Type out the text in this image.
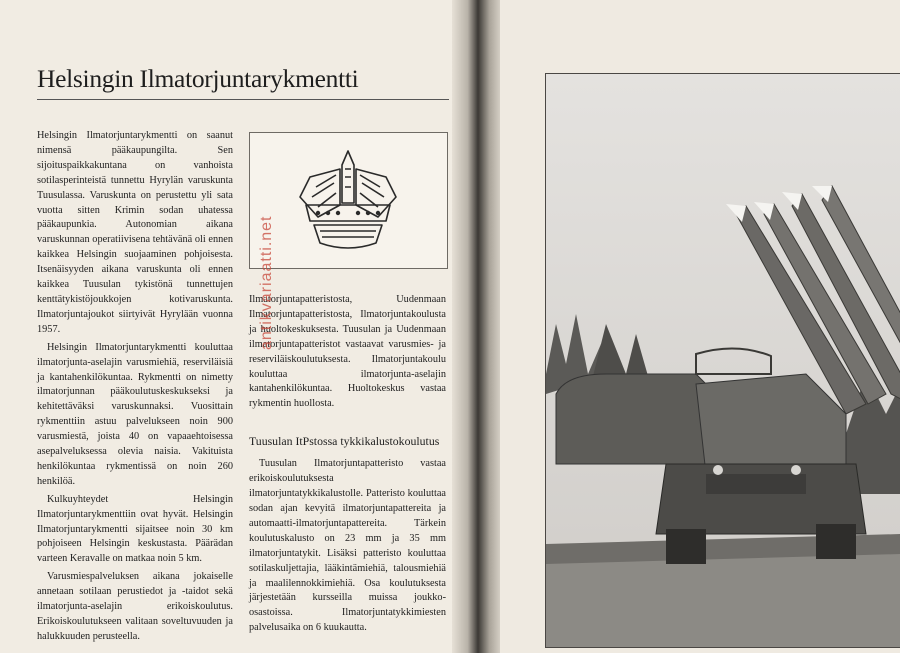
Helsingin Ilmatorjuntarykmentti

Helsingin Ilmatorjuntarykmentti on saanut nimensä pääkaupungilta. Sen sijoituspaikkakuntana on vanhoista sotilasperinteistä tunnettu Hyrylän varuskunta Tuusulassa. Varuskunta on perustettu yli sata vuotta sitten Krimin sodan uhatessa pääkaupunkia. Autonomian aikana varuskunnan operatiivisena tehtävänä oli ennen kaikkea Helsingin suojaaminen pohjoisesta. Itsenäisyyden aikana varuskunta oli ennen kaikkea Tuusulan tykistönä tunnettujen kenttätykistöjoukkojen kotivaruskunta. Ilmatorjuntajoukot siirtyivät Hyrylään vuonna 1957.

Helsingin Ilmatorjuntarykmentti kouluttaa ilmatorjunta-aselajin varusmiehiä, reserviläisiä ja kantahenkilökuntaa. Rykmentti on nimetty ilmatorjunnan pääkoulutuskeskukseksi ja kehitettäväksi varuskunnaksi. Vuosittain rykmenttiin astuu palvelukseen noin 900 varusmiestä, joista 40 on vapaaehtoisessa asepalveluksessa olevia naisia. Vakituista henkilökuntaa rykmentissä on noin 260 henkilöä.

Kulkuyhteydet Helsingin Ilmatorjuntarykmenttiin ovat hyvät. Helsingin Ilmatorjuntarykmentti sijaitsee noin 30 km pohjoiseen Helsingin keskustasta. Päärädan varteen Keravalle on matkaa noin 5 km.

Varusmiespalveluksen aikana jokaiselle annetaan sotilaan perustiedot ja -taidot sekä ilmatorjunta-aselajin erikoiskoulutus. Erikoiskoulutukseen valitaan soveltuvuuden ja halukkuuden perusteella.

Ilmatorjuntapatteristosta, Uudenmaan Ilmatorjuntapatteristosta, Ilmatorjuntakoulusta ja huoltokeskuksesta. Tuusulan ja Uudenmaan ilmatorjuntapatteristot vastaavat varusmies- ja reserviläiskoulutuksesta. Ilmatorjuntakoulu kouluttaa ilmatorjunta-aselajin kantahenkilökuntaa. Huoltokeskus vastaa rykmentin huollosta.

Tuusulan ItPstossa tykkikalustokoulutus

Tuusulan Ilmatorjuntapatteristo vastaa erikoiskoulutuksesta ilmatorjuntatykkikalustolle. Patteristo kouluttaa sodan ajan kevyitä ilmatorjuntapattereita ja automaatti-ilmatorjuntapattereita. Tärkein koulutuskalusto on 23 mm ja 35 mm ilmatorjuntatykit. Lisäksi patteristo kouluttaa sotilaskuljettajia, lääkintämiehiä, talousmiehiä ja maalilennokkimiehiä. Osa koulutuksesta järjestetään kursseilla muissa joukko-osastoissa. Ilmatorjuntatykkimiesten palvelusaika on 6 kuukautta.

antikvariaatti.net
